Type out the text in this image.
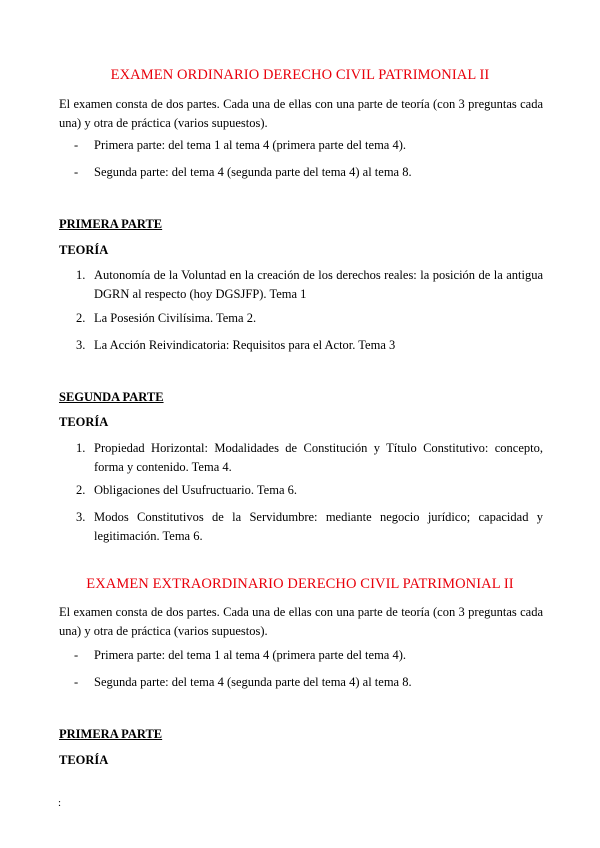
EXAMEN ORDINARIO DERECHO CIVIL PATRIMONIAL II
El examen consta de dos partes. Cada una de ellas con una parte de teoría (con 3 preguntas cada una) y otra de práctica (varios supuestos).
- Primera parte: del tema 1 al tema 4 (primera parte del tema 4).
- Segunda parte: del tema 4 (segunda parte del tema 4) al tema 8.
PRIMERA PARTE
TEORÍA
1. Autonomía de la Voluntad en la creación de los derechos reales: la posición de la antigua DGRN al respecto (hoy DGSJFP). Tema 1
2. La Posesión Civilísima. Tema 2.
3. La Acción Reivindicatoria: Requisitos para el Actor. Tema 3
SEGUNDA PARTE
TEORÍA
1. Propiedad Horizontal: Modalidades de Constitución y Título Constitutivo: concepto, forma y contenido. Tema 4.
2. Obligaciones del Usufructuario. Tema 6.
3. Modos Constitutivos de la Servidumbre: mediante negocio jurídico; capacidad y legitimación. Tema 6.
EXAMEN EXTRAORDINARIO DERECHO CIVIL PATRIMONIAL II
El examen consta de dos partes. Cada una de ellas con una parte de teoría (con 3 preguntas cada una) y otra de práctica (varios supuestos).
- Primera parte: del tema 1 al tema 4 (primera parte del tema 4).
- Segunda parte: del tema 4 (segunda parte del tema 4) al tema 8.
PRIMERA PARTE
TEORÍA
:
